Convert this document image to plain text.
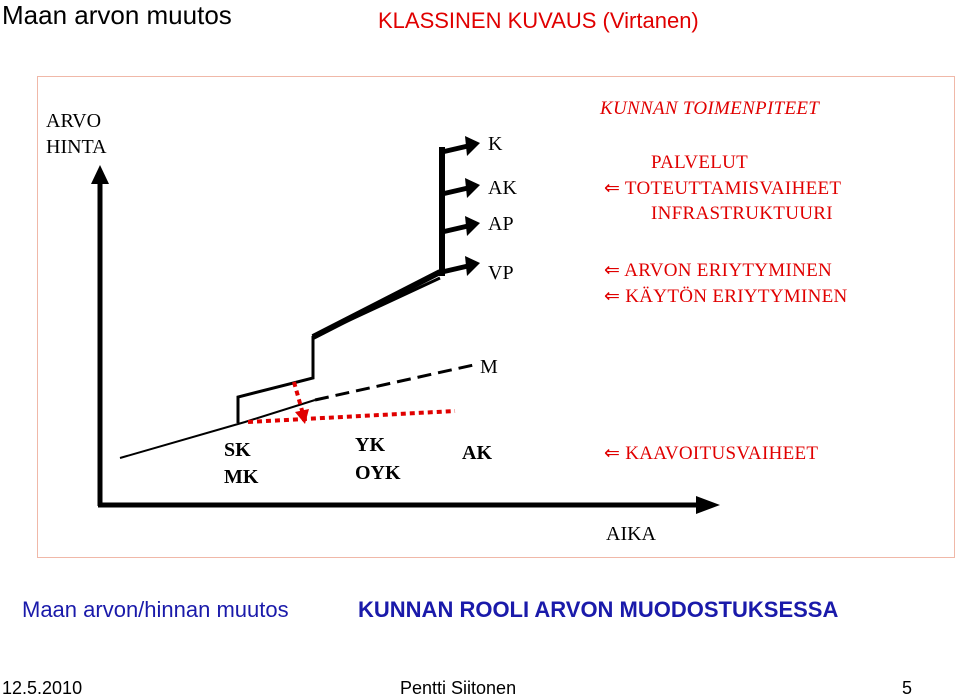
Maan arvon muutos	KLASSINEN KUVAUS (Virtanen)
ARVO
HINTA
AIKA
K
AK
AP
VP
M
SK
MK
YK
OYK
AK
KUNNAN TOIMENPITEET
PALVELUT
⇐ TOTEUTTAMISVAIHEET
INFRASTRUKTUURI
⇐ ARVON ERIYTYMINEN
⇐ KÄYTÖN ERIYTYMINEN
⇐ KAAVOITUSVAIHEET
Maan arvon/hinnan muutos	KUNNAN ROOLI ARVON MUODOSTUKSESSA
12.5.2010	Pentti Siitonen	5
